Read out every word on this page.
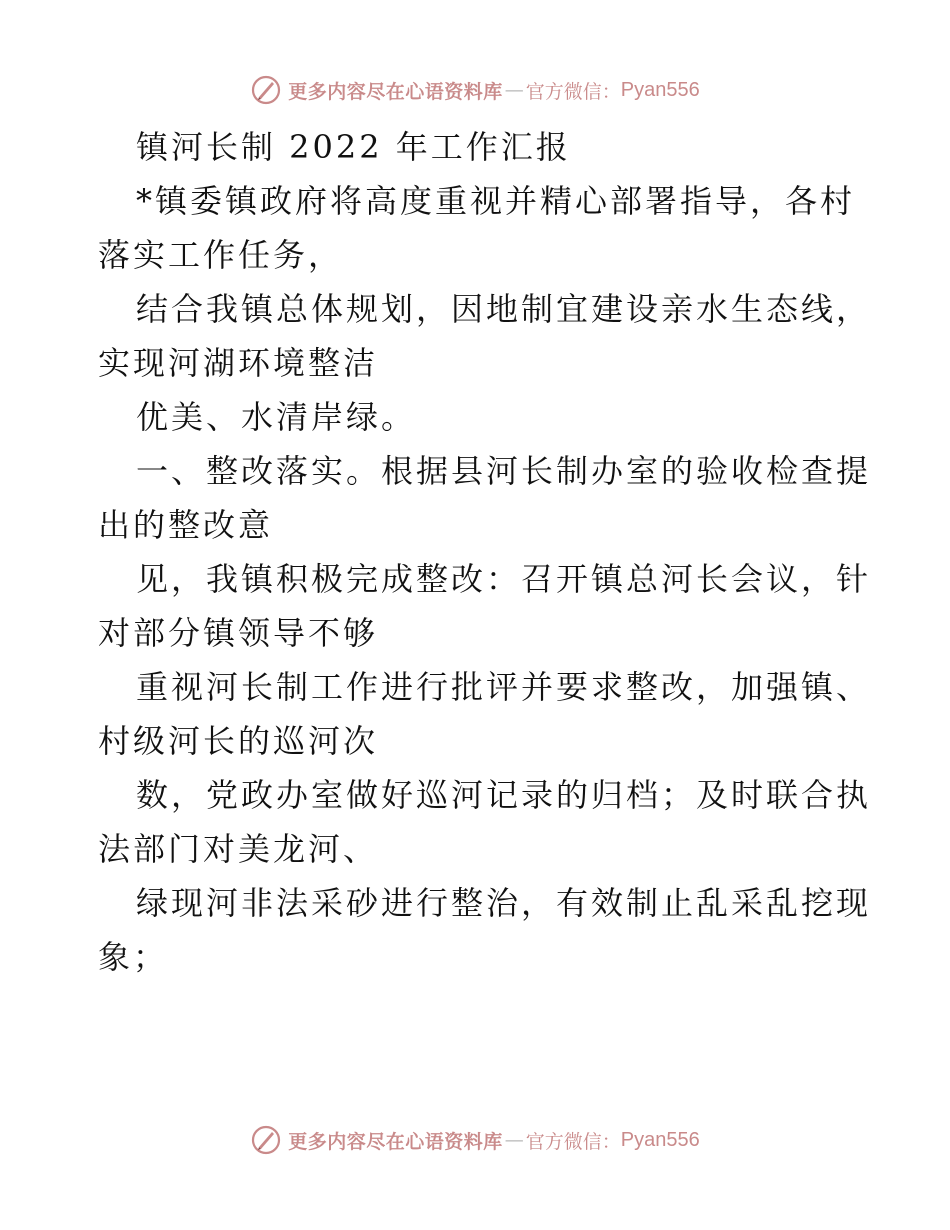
更多内容尽在心语资料库 — 官方微信： Pyan556
镇河长制 2022 年工作汇报
*镇委镇政府将高度重视并精心部署指导，各村
落实工作任务，
结合我镇总体规划，因地制宜建设亲水生态线，
实现河湖环境整洁
优美、水清岸绿。
一、整改落实。根据县河长制办室的验收检查提
出的整改意
见，我镇积极完成整改：召开镇总河长会议，针
对部分镇领导不够
重视河长制工作进行批评并要求整改，加强镇、
村级河长的巡河次
数，党政办室做好巡河记录的归档；及时联合执
法部门对美龙河、
绿现河非法采砂进行整治，有效制止乱采乱挖现
象；
更多内容尽在心语资料库 — 官方微信： Pyan556
